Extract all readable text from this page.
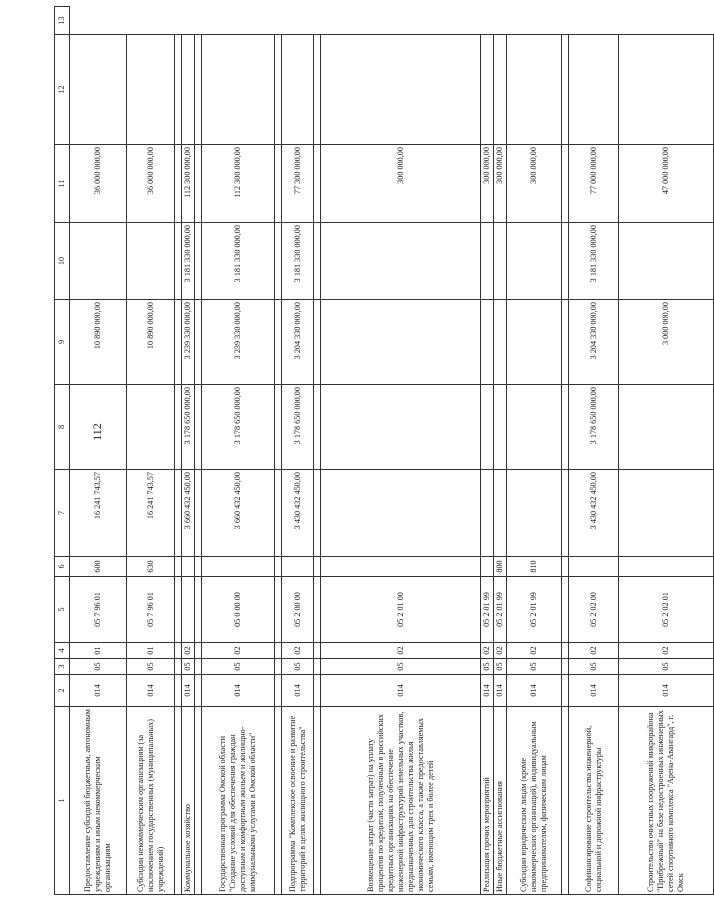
112
1	2	3	4	5	6	7	8	9	10	11	12	13
Предоставление субсидий бюджетным, автономным учреждениям и иным некоммерческим организациям	014	05	01	05 7 96 01	600	16 241 743,57		10 890 000,00		36 000 000,00		
Субсидии некоммерческим организациям (за исключением государственных (муниципальных) учреждений)	014	05	01	05 7 96 01	630	16 241 743,57		10 890 000,00		36 000 000,00		

Коммунальное хозяйство	014	05	02			3 660 432 450,00	3 178 650 000,00	3 239 330 000,00	3 181 330 000,00	112 300 000,00		

Государственная программа Омской области "Создание условий для обеспечения граждан доступным и комфортным жильем и жилищно-коммунальными услугами в Омской области"	014	05	02	05 0 00 00		3 660 432 450,00	3 178 650 000,00	3 239 330 000,00	3 181 330 000,00	112 300 000,00		

Подпрограмма "Комплексное освоение и развитие территорий в целях жилищного строительства"	014	05	02	05 2 00 00		3 430 432 450,00	3 178 650 000,00	3 204 330 000,00	3 181 330 000,00	77 300 000,00		

Возмещение затрат (части затрат) на уплату процентов по кредитам, полученным в российских кредитных организациях на обеспечение инженерной инфраструктурой земельных участков, предназначенных для строительства жилья экономического класса, а также предоставляемых семьям, имеющим трех и более детей	014	05	02	05 2 01 00						300 000,00		
Реализация прочих мероприятий	014	05	02	05 2 01 99						300 000,00		
Иные бюджетные ассигнования	014	05	02	05 2 01 99	800					300 000,00		
Субсидии юридическим лицам (кроме некоммерческих организаций), индивидуальным предпринимателям, физическим лицам	014	05	02	05 2 01 99	810					300 000,00		

Софинансирование строительства инженерной, социальной и дорожной инфраструктуры	014	05	02	05 2 02 00		3 430 432 450,00	3 178 650 000,00	3 204 330 000,00	3 181 330 000,00	77 000 000,00		
Строительство очистных сооружений микрорайона "Прибрежный" на базе недостроенных инженерных сетей спортивного комплекса "Арена-Авангард", г. Омск	014	05	02	05 2 02 01				3 000 000,00		47 000 000,00		
